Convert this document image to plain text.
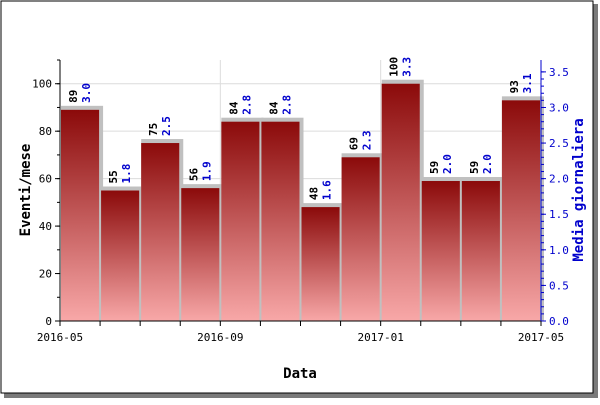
0
20
40
60
80
100
0.0
0.5
1.0
1.5
2.0
2.5
3.0
3.5
2016-05	2016-09	2017-01	2017-05
89 3.0
55 1.8
75 2.5
56 1.9
84 2.8 84 2.8
48 1.6
69 2.3
100 3.3
59 2.0 59 2.0
93 3.1
Data
Eventi/mese	Media giornaliera
